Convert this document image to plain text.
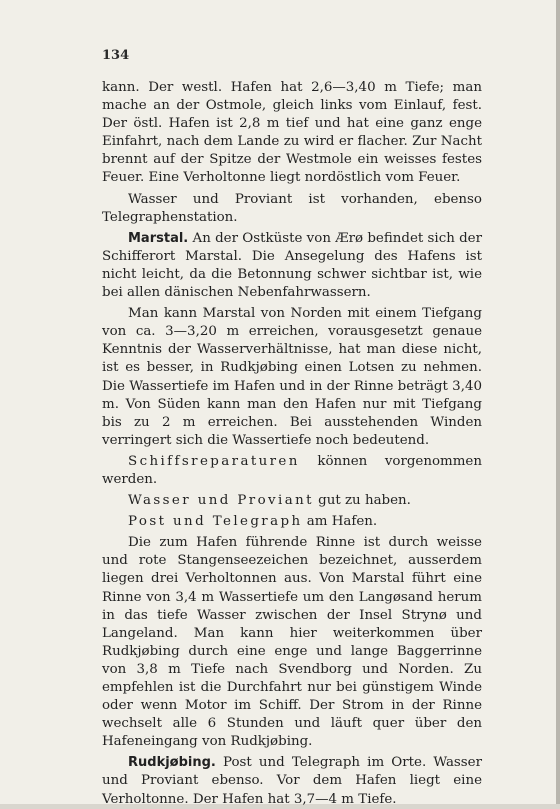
134

kann. Der westl. Hafen hat 2,6—3,40 m Tiefe; man mache an der Ostmole, gleich links vom Einlauf, fest. Der östl. Hafen ist 2,8 m tief und hat eine ganz enge Einfahrt, nach dem Lande zu wird er flacher. Zur Nacht brennt auf der Spitze der Westmole ein weisses festes Feuer. Eine Verholtonne liegt nordöstlich vom Feuer.

Wasser und Proviant ist vorhanden, ebenso Telegraphenstation.

Marstal. An der Ostküste von Ærø befindet sich der Schifferort Marstal. Die Ansegelung des Hafens ist nicht leicht, da die Betonnung schwer sichtbar ist, wie bei allen dänischen Nebenfahrwassern.

Man kann Marstal von Norden mit einem Tiefgang von ca. 3—3,20 m erreichen, vorausgesetzt genaue Kenntnis der Wasserverhältnisse, hat man diese nicht, ist es besser, in Rudkjøbing einen Lotsen zu nehmen. Die Wassertiefe im Hafen und in der Rinne beträgt 3,40 m. Von Süden kann man den Hafen nur mit Tiefgang bis zu 2 m erreichen. Bei ausstehenden Winden verringert sich die Wassertiefe noch bedeutend.

Schiffsreparaturen können vorgenommen werden.

Wasser und Proviant gut zu haben.

Post und Telegraph am Hafen.

Die zum Hafen führende Rinne ist durch weisse und rote Stangenseezeichen bezeichnet, ausserdem liegen drei Verholtonnen aus. Von Marstal führt eine Rinne von 3,4 m Wassertiefe um den Langøsand herum in das tiefe Wasser zwischen der Insel Strynø und Langeland. Man kann hier weiterkommen über Rudkjøbing durch eine enge und lange Baggerrinne von 3,8 m Tiefe nach Svendborg und Norden. Zu empfehlen ist die Durchfahrt nur bei günstigem Winde oder wenn Motor im Schiff. Der Strom in der Rinne wechselt alle 6 Stunden und läuft quer über den Hafeneingang von Rudkjøbing.

Rudkjøbing. Post und Telegraph im Orte. Wasser und Proviant ebenso. Vor dem Hafen liegt eine Verholtonne. Der Hafen hat 3,7—4 m Tiefe.
